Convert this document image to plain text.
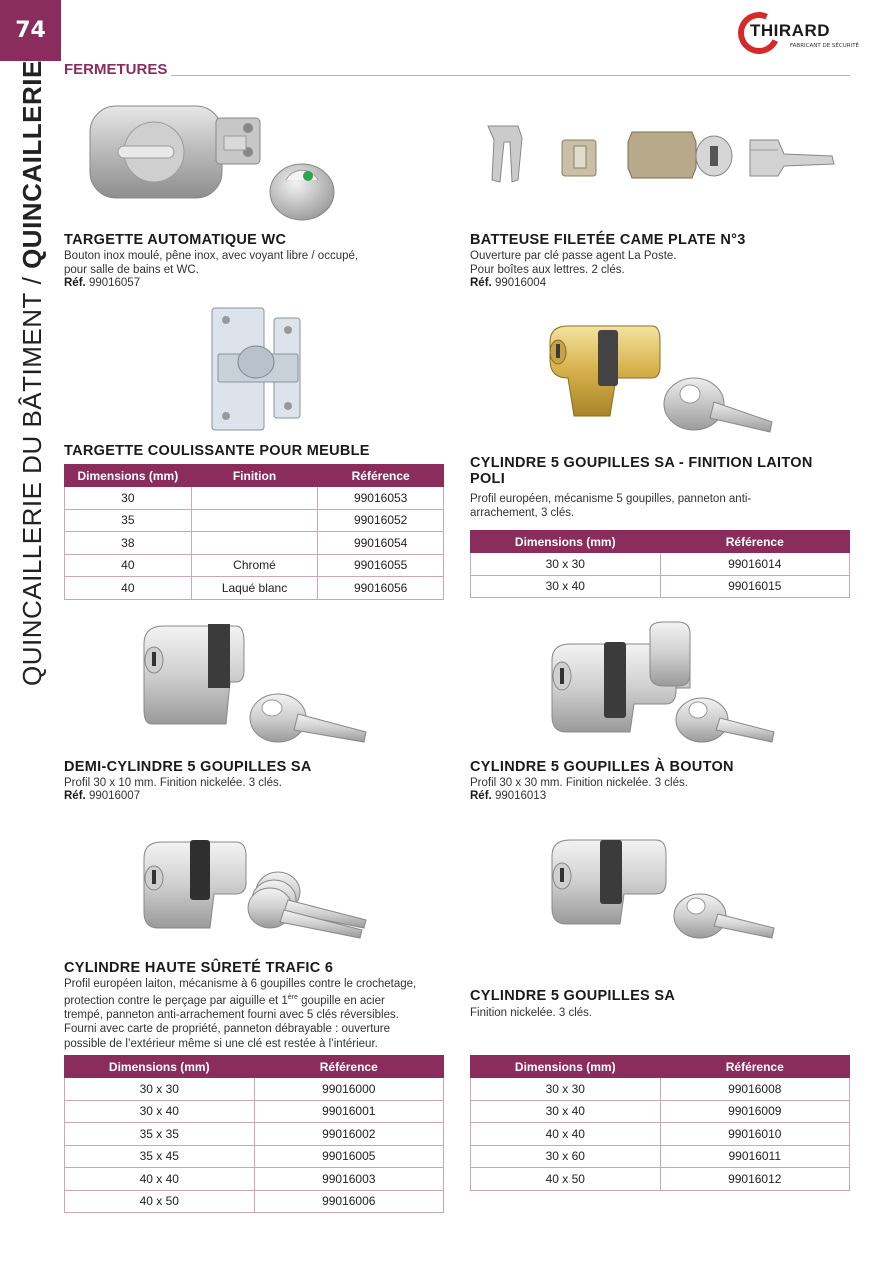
74
QUINCAILLERIE DU BÂTIMENT
/
QUINCAILLERIE
THIRARD
FABRICANT DE SÉCURITÉ
FERMETURES
TARGETTE AUTOMATIQUE WC
Bouton inox moulé, pêne inox, avec voyant libre / occupé,
pour salle de bains et WC.
Réf. 99016057
BATTEUSE FILETÉE CAME PLATE N°3
Ouverture par clé passe agent La Poste.
Pour boîtes aux lettres. 2 clés.
Réf. 99016004
TARGETTE COULISSANTE POUR MEUBLE
Dimensions (mm)	Finition	Référence
30		99016053
35		99016052
38		99016054
40	Chromé	99016055
40	Laqué blanc	99016056
CYLINDRE 5 GOUPILLES SA - FINITION LAITON
POLI
Profil européen, mécanisme 5 goupilles, panneton anti-
arrachement, 3 clés.
Dimensions (mm)	Référence
30 x 30	99016014
30 x 40	99016015
DEMI-CYLINDRE 5 GOUPILLES SA
Profil 30 x 10 mm. Finition nickelée. 3 clés.
Réf. 99016007
CYLINDRE 5 GOUPILLES À BOUTON
Profil 30 x 30 mm. Finition nickelée. 3 clés.
Réf. 99016013
CYLINDRE HAUTE SÛRETÉ TRAFIC 6
Profil européen laiton, mécanisme à 6 goupilles contre le crochetage,
protection contre le perçage par aiguille et 1ère goupille en acier
trempé, panneton anti-arrachement fourni avec 5 clés réversibles.
Fourni avec carte de propriété, panneton débrayable : ouverture
possible de l’extérieur même si une clé est restée à l’intérieur.
Dimensions (mm)	Référence
30 x 30	99016000
30 x 40	99016001
35 x 35	99016002
35 x 45	99016005
40 x 40	99016003
40 x 50	99016006
CYLINDRE 5 GOUPILLES SA
Finition nickelée. 3 clés.
Dimensions (mm)	Référence
30 x 30	99016008
30 x 40	99016009
40 x 40	99016010
30 x 60	99016011
40 x 50	99016012
